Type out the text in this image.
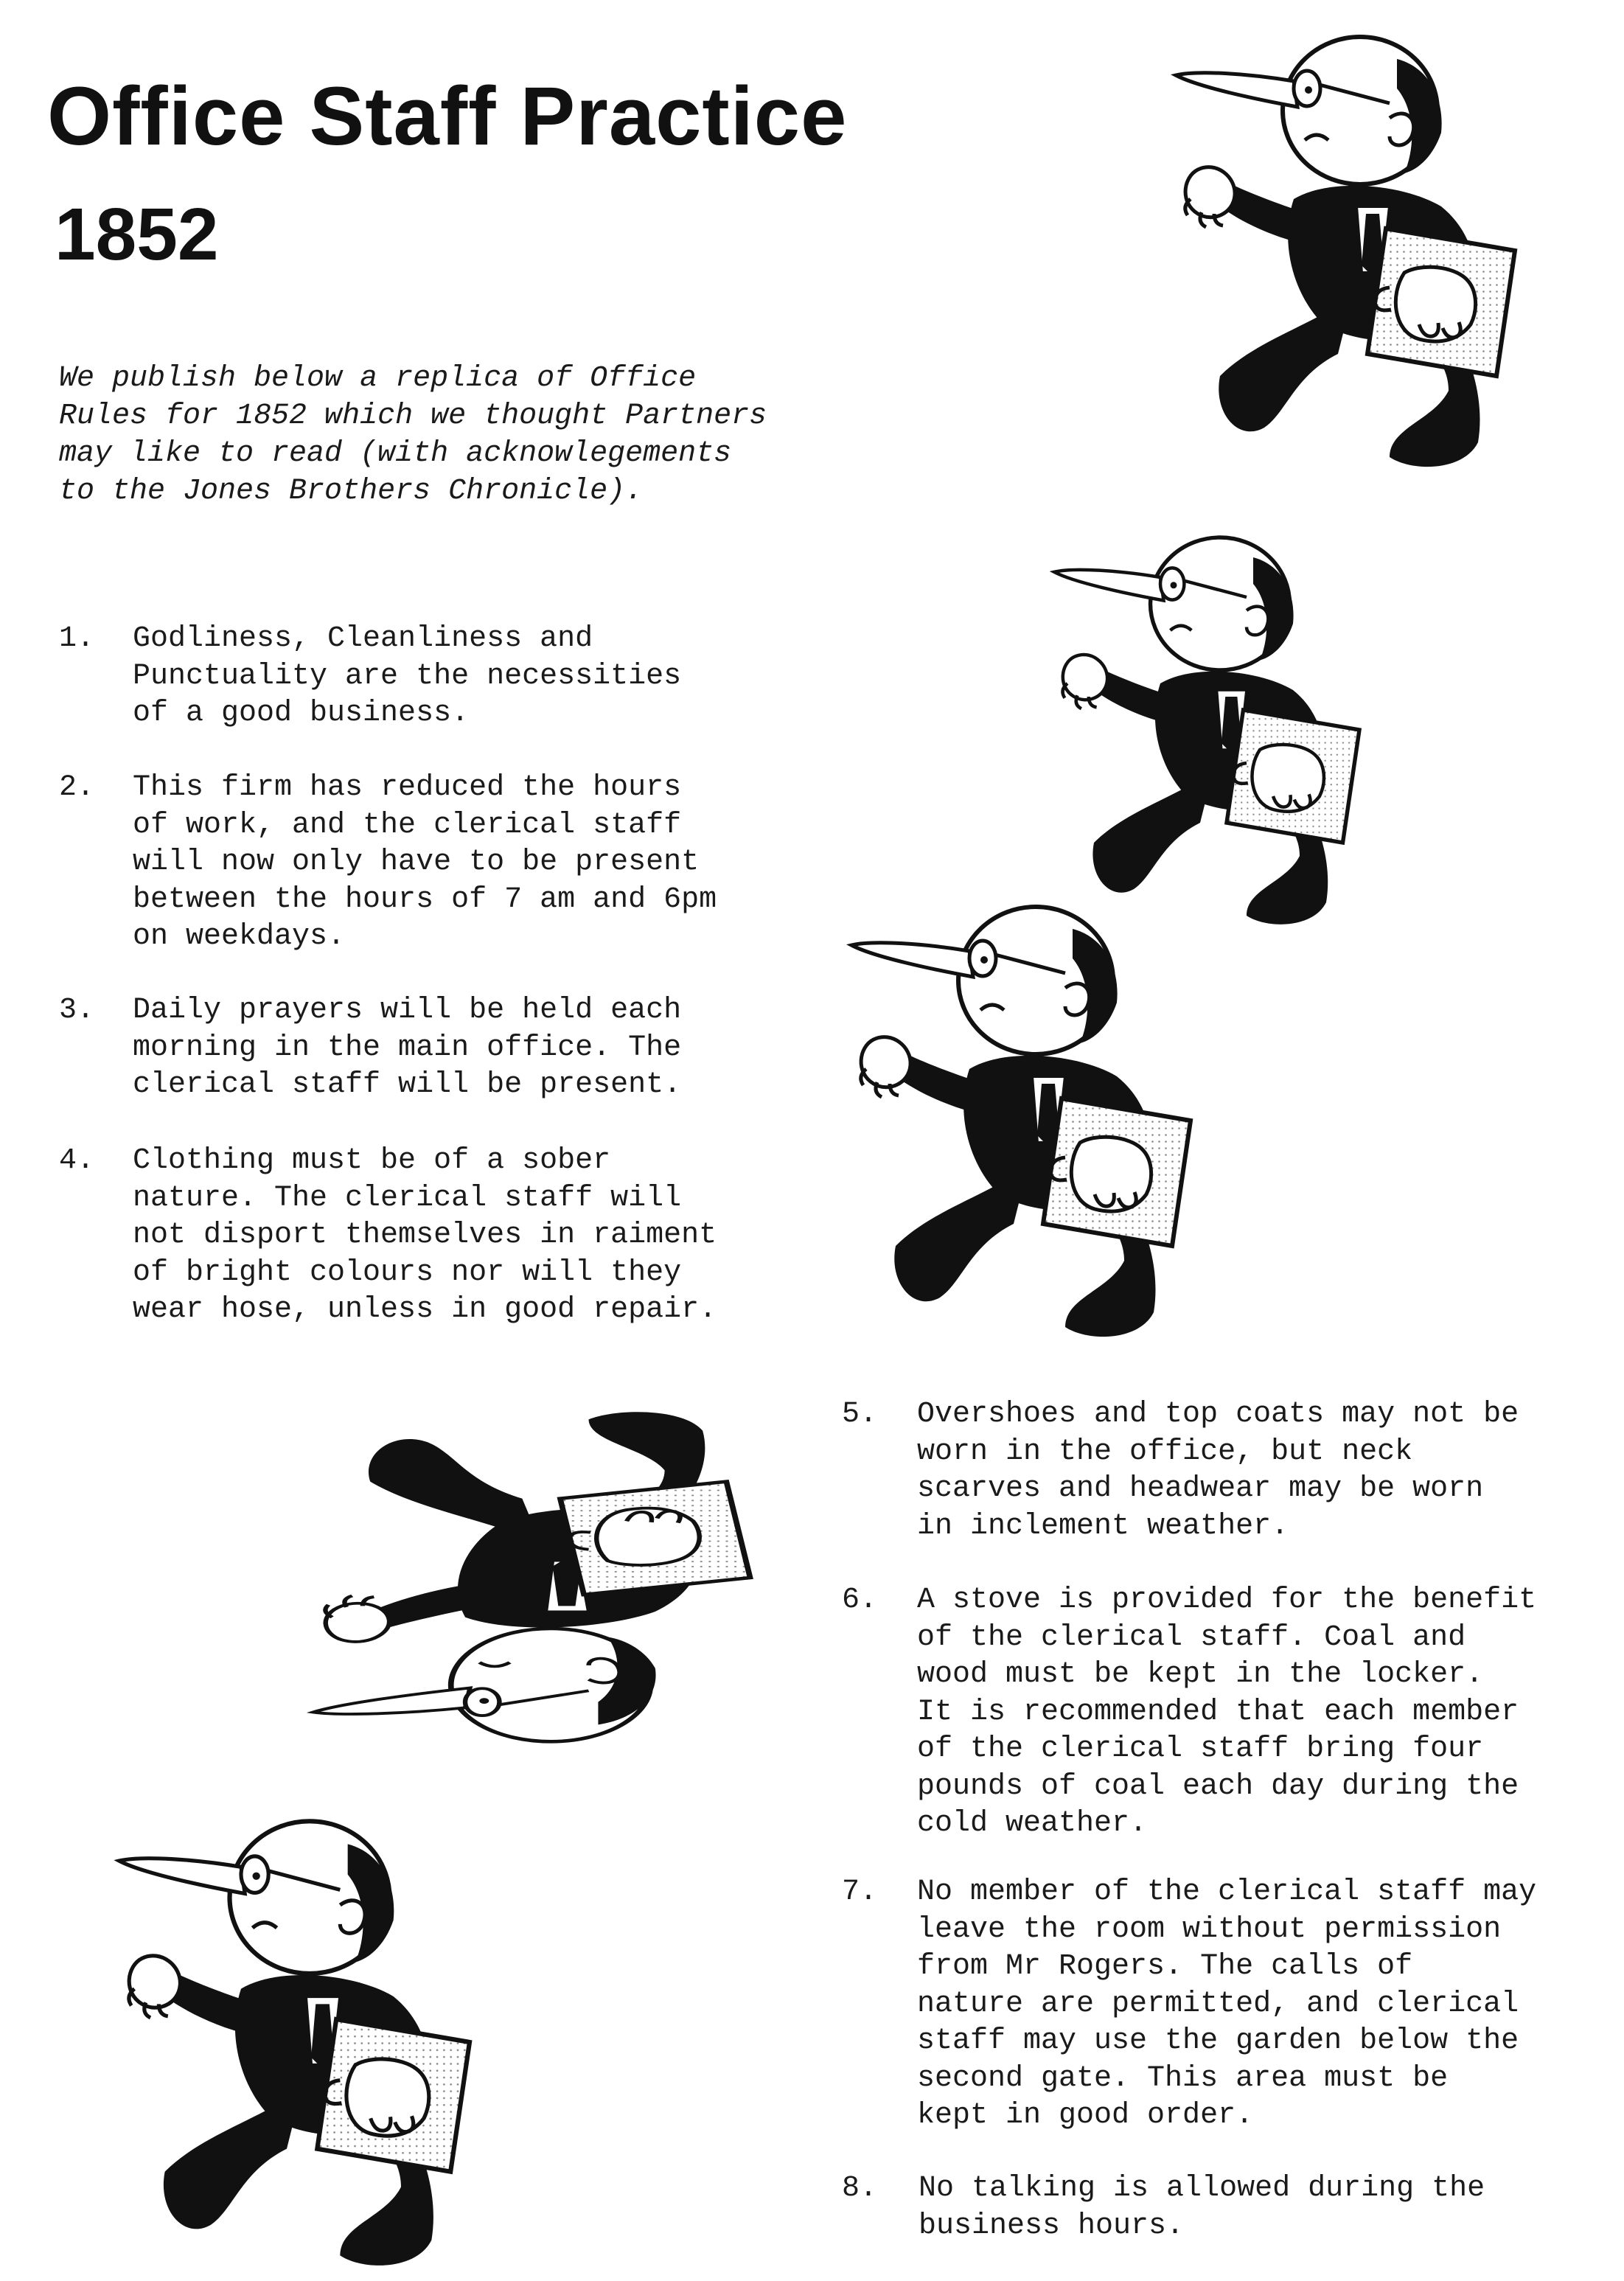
Office Staff Practice
1852

We publish below a replica of Office
Rules for 1852 which we thought Partners
may like to read (with acknowlegements
to the Jones Brothers Chronicle).

1. Godliness, Cleanliness and
Punctuality are the necessities
of a good business.
2. This firm has reduced the hours
of work, and the clerical staff
will now only have to be present
between the hours of 7 am and 6pm
on weekdays.
3. Daily prayers will be held each
morning in the main office. The
clerical staff will be present.
4. Clothing must be of a sober
nature. The clerical staff will
not disport themselves in raiment
of bright colours nor will they
wear hose, unless in good repair.
5. Overshoes and top coats may not be
worn in the office, but neck
scarves and headwear may be worn
in inclement weather.
6. A stove is provided for the benefit
of the clerical staff. Coal and
wood must be kept in the locker.
It is recommended that each member
of the clerical staff bring four
pounds of coal each day during the
cold weather.
7. No member of the clerical staff may
leave the room without permission
from Mr Rogers. The calls of
nature are permitted, and clerical
staff may use the garden below the
second gate. This area must be
kept in good order.
8. No talking is allowed during the
business hours.
